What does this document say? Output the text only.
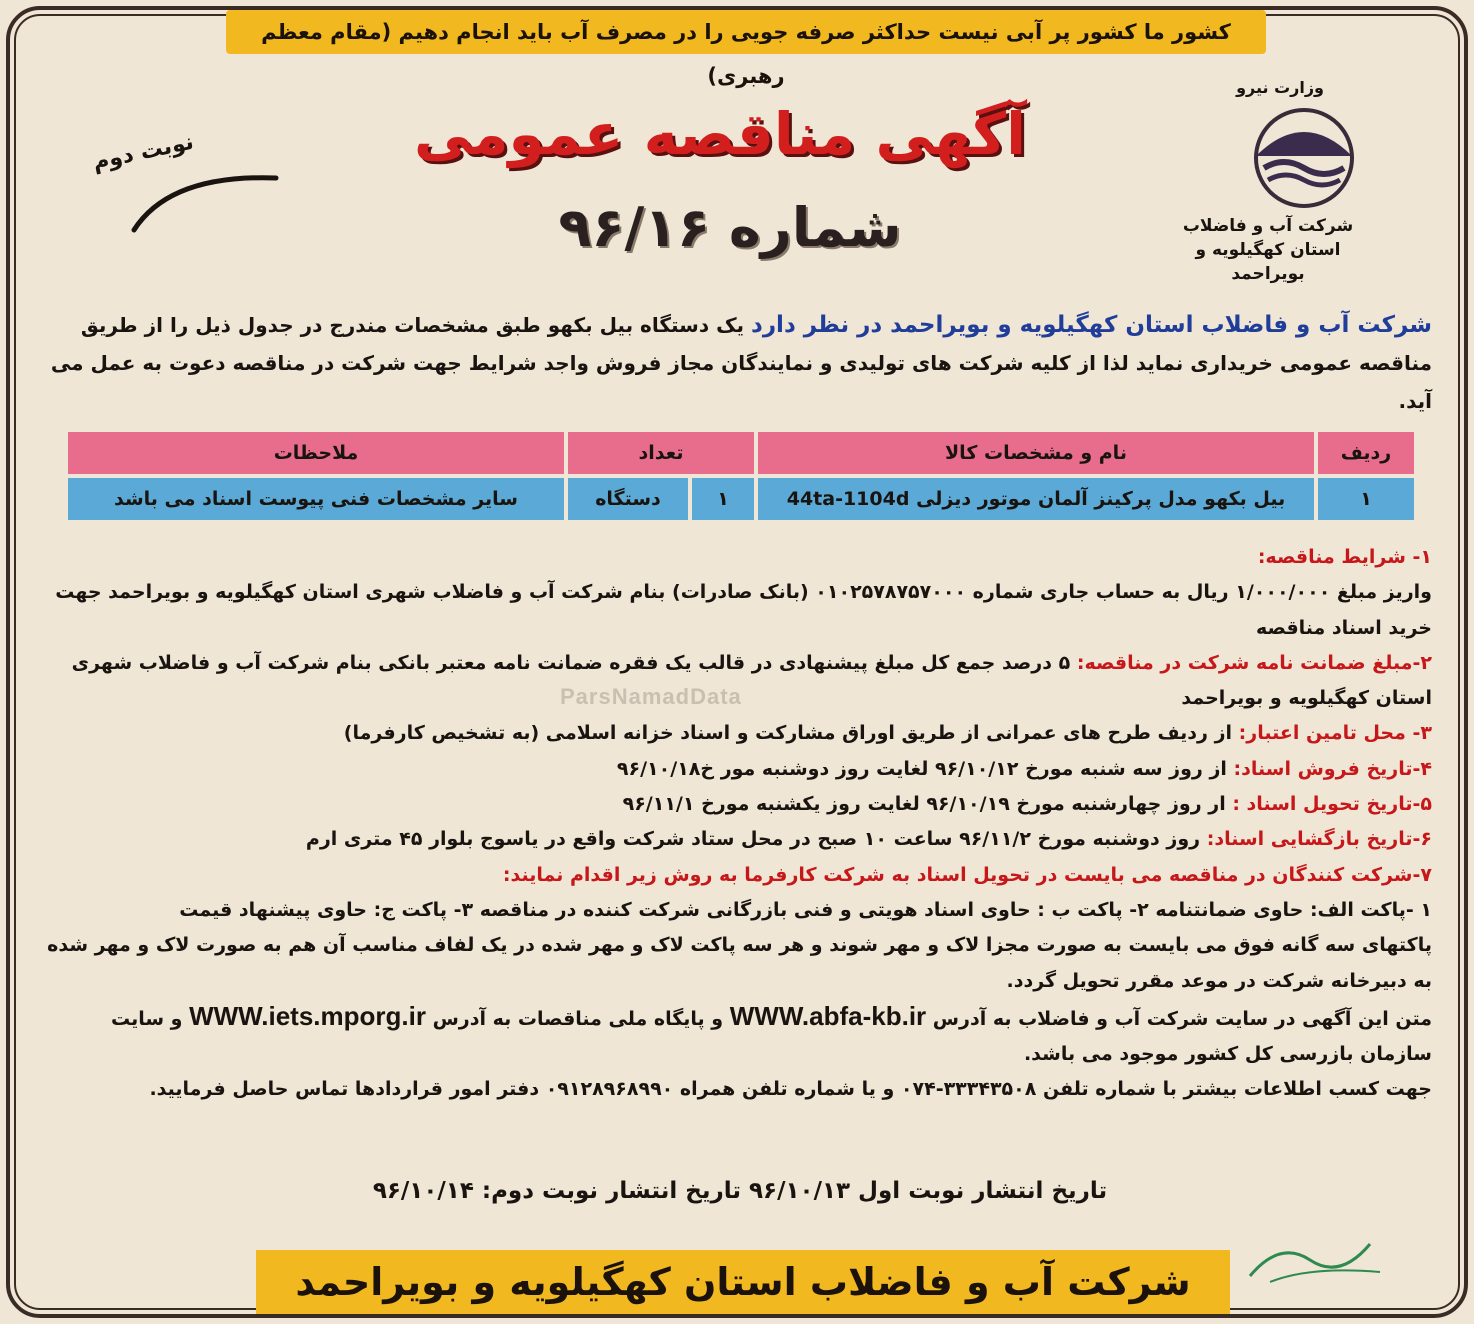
کشور ما کشور پر آبی نیست حداکثر صرفه جویی را در مصرف آب باید انجام دهیم (مقام معظم رهبری)	وزارت نیرو
شرکت آب و فاضلاب
استان کهگیلویه و بویراحمد
آگهی مناقصه عمومی
شماره ۹۶/۱۶
نوبت دوم
شرکت آب و فاضلاب استان کهگیلویه و بویراحمد در نظر دارد یک دستگاه بیل بکهو طبق مشخصات مندرج در جدول ذیل را از طریق مناقصه عمومی خریداری نماید لذا از کلیه شرکت های تولیدی و نمایندگان مجاز فروش واجد شرایط جهت شرکت در مناقصه دعوت به عمل می آید.
ردیف	نام و مشخصات کالا	تعداد		ملاحظات
۱	بیل بکهو مدل پرکینز آلمان موتور دیزلی 44ta-1104d	۱	دستگاه	سایر مشخصات فنی پیوست اسناد می باشد
ParsNamadData
۱- شرایط مناقصه:
واریز مبلغ ۱/۰۰۰/۰۰۰ ریال به حساب جاری شماره ۰۱۰۲۵۷۸۷۵۷۰۰۰ (بانک صادرات) بنام شرکت آب و فاضلاب شهری استان کهگیلویه و بویراحمد جهت خرید اسناد مناقصه
۲-مبلغ ضمانت نامه شرکت در مناقصه: ۵ درصد جمع کل مبلغ پیشنهادی در قالب یک فقره ضمانت نامه معتبر بانکی بنام شرکت آب و فاضلاب شهری استان کهگیلویه و بویراحمد
۳- محل تامین اعتبار: از ردیف طرح های عمرانی از طریق اوراق مشارکت و اسناد خزانه اسلامی (به تشخیص کارفرما)
۴-تاریخ فروش اسناد: از روز سه شنبه مورخ ۹۶/۱۰/۱۲ لغایت روز دوشنبه مور خ۹۶/۱۰/۱۸
۵-تاریخ تحویل اسناد : ار روز چهارشنبه مورخ ۹۶/۱۰/۱۹ لغایت روز یکشنبه مورخ ۹۶/۱۱/۱
۶-تاریخ بازگشایی اسناد: روز دوشنبه مورخ ۹۶/۱۱/۲ ساعت ۱۰ صبح در محل ستاد شرکت واقع در یاسوج بلوار ۴۵ متری ارم
۷-شرکت کنندگان در مناقصه می بایست در تحویل اسناد به شرکت کارفرما به روش زیر اقدام نمایند:
۱ -پاکت الف: حاوی ضمانتنامه ۲- پاکت ب : حاوی اسناد هویتی و فنی بازرگانی شرکت کننده در مناقصه ۳- پاکت ج: حاوی پیشنهاد قیمت
پاکتهای سه گانه فوق می بایست به صورت مجزا لاک و مهر شوند و هر سه پاکت لاک و مهر شده در یک لفاف مناسب آن هم به صورت لاک و مهر شده به دبیرخانه شرکت در موعد مقرر تحویل گردد.
متن این آگهی در سایت شرکت آب و فاضلاب به آدرس WWW.abfa-kb.ir و پایگاه ملی مناقصات به آدرس WWW.iets.mporg.ir و سایت سازمان بازرسی کل کشور موجود می باشد.
جهت کسب اطلاعات بیشتر با شماره تلفن ۳۳۳۴۳۵۰۸-۰۷۴ و یا شماره تلفن همراه ۰۹۱۲۸۹۶۸۹۹۰ دفتر امور قراردادها تماس حاصل فرمایید.
تاریخ انتشار نوبت اول ۹۶/۱۰/۱۳ تاریخ انتشار نوبت دوم: ۹۶/۱۰/۱۴
شرکت آب و فاضلاب استان کهگیلویه و بویراحمد
